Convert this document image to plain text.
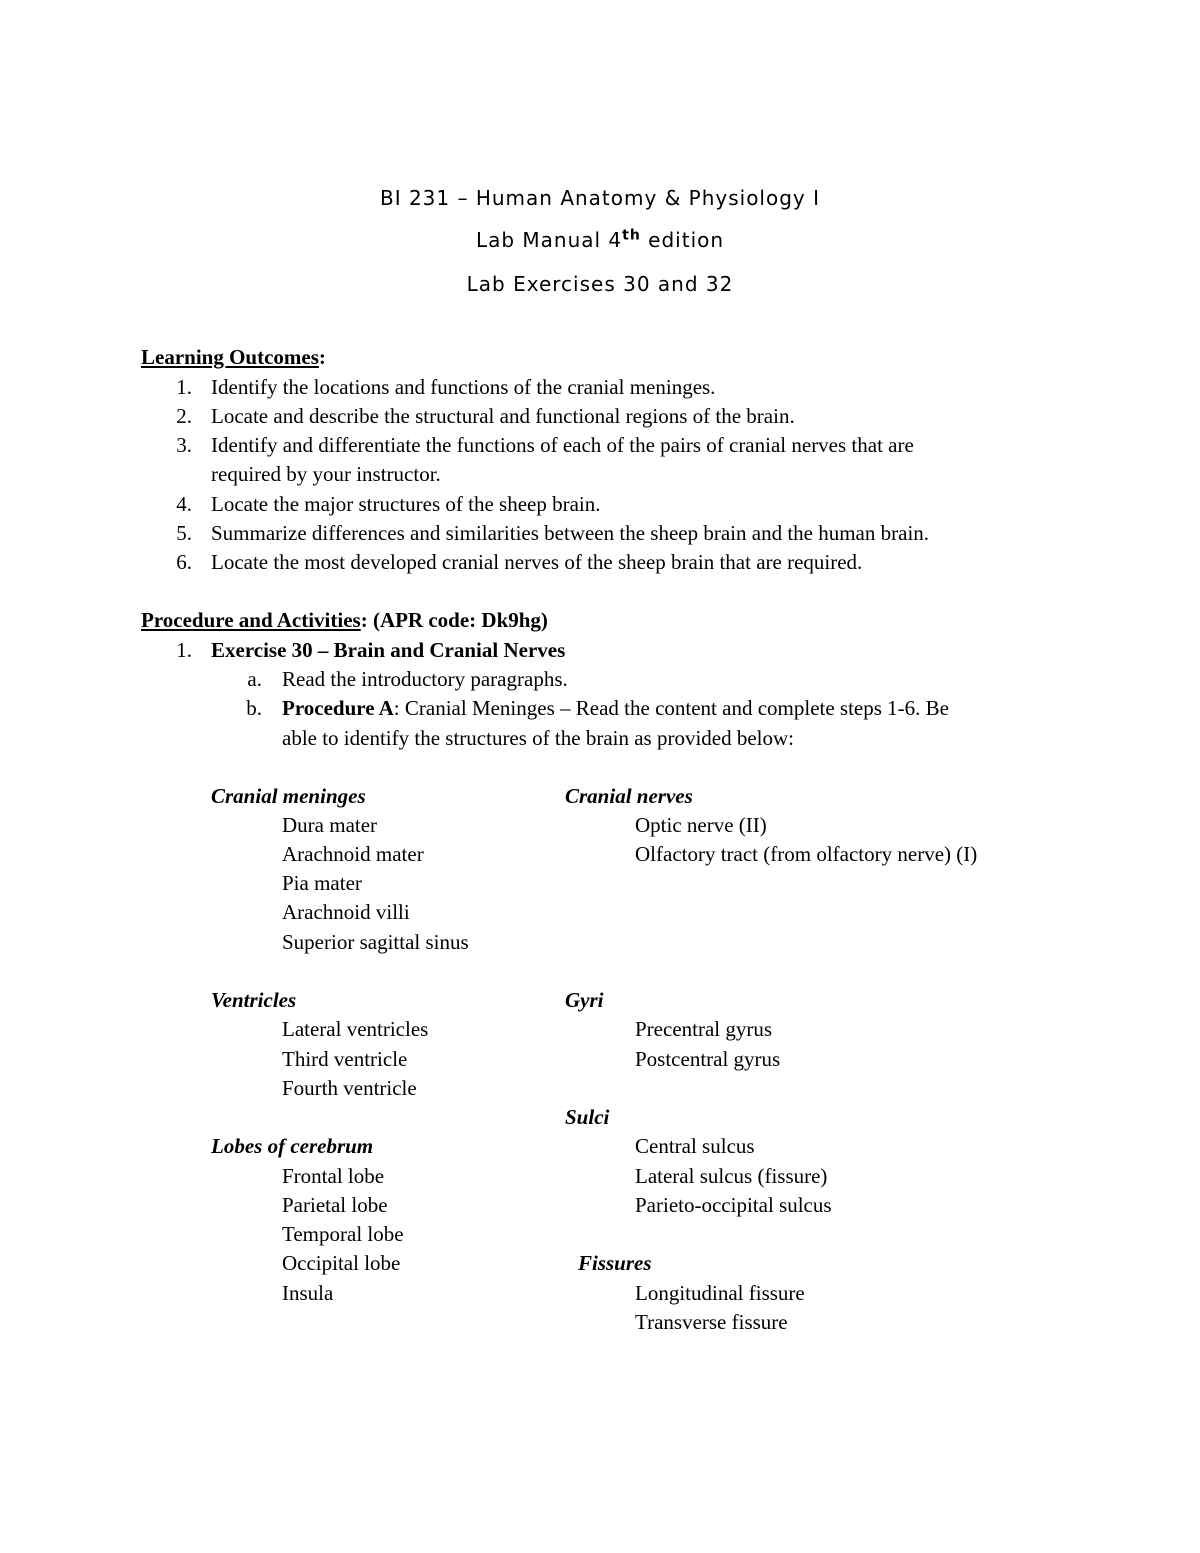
BI 231 – Human Anatomy & Physiology I
Lab Manual 4th edition
Lab Exercises 30 and 32
Learning Outcomes:
1. Identify the locations and functions of the cranial meninges.
2. Locate and describe the structural and functional regions of the brain.
3. Identify and differentiate the functions of each of the pairs of cranial nerves that are
required by your instructor.
4. Locate the major structures of the sheep brain.
5. Summarize differences and similarities between the sheep brain and the human brain.
6. Locate the most developed cranial nerves of the sheep brain that are required.
Procedure and Activities: (APR code: Dk9hg)
1. Exercise 30 – Brain and Cranial Nerves
a. Read the introductory paragraphs.
b. Procedure A: Cranial Meninges – Read the content and complete steps 1-6. Be
able to identify the structures of the brain as provided below:
Cranial meninges
Dura mater
Arachnoid mater
Pia mater
Arachnoid villi
Superior sagittal sinus
Ventricles
Lateral ventricles
Third ventricle
Fourth ventricle
Lobes of cerebrum
Frontal lobe
Parietal lobe
Temporal lobe
Occipital lobe
Insula
Cranial nerves
Optic nerve (II)
Olfactory tract (from olfactory nerve) (I)
Gyri
Precentral gyrus
Postcentral gyrus
Sulci
Central sulcus
Lateral sulcus (fissure)
Parieto-occipital sulcus
Fissures
Longitudinal fissure
Transverse fissure
